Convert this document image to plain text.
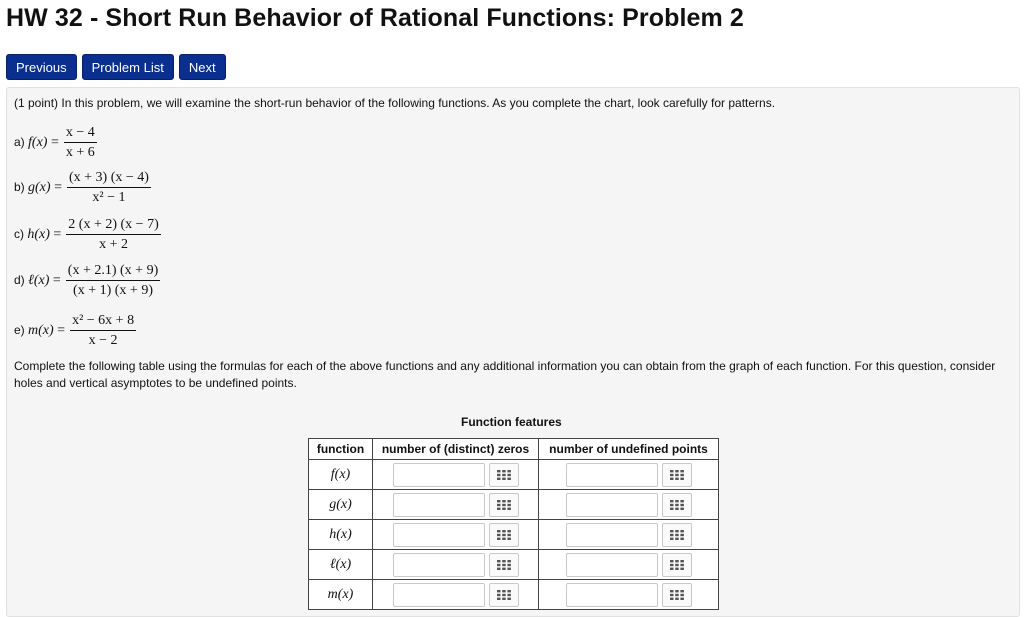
HW 32 - Short Run Behavior of Rational Functions: Problem 2
Previous	Problem List	Next

(1 point) In this problem, we will examine the short-run behavior of the following functions. As you complete the chart, look carefully for patterns.

a) $f(x) = \frac{x - 4}{x + 6}$
b) $g(x) = \frac{(x + 3) (x - 4)}{\text{x² − 1}}$
c) $h(x) = \frac{2 (x + 2) (x - 7)}{x + 2}$
d) ℓ(x) = $\frac{(x + 2.1) (x + 9)}{(x + 1) (x + 9)}$
e) $m(x) = \frac{\text{x² − 6x + 8}}{x - 2}$

Complete the following table using the formulas for each of the above functions and any additional information you can obtain from the graph of each function. For this question, consider holes and vertical asymptotes to be undefined points.

Function features
function	number of (distinct) zeros	number of undefined points
f(x)	

g(x)	

h(x)	

ℓ(x)	

m(x)	
